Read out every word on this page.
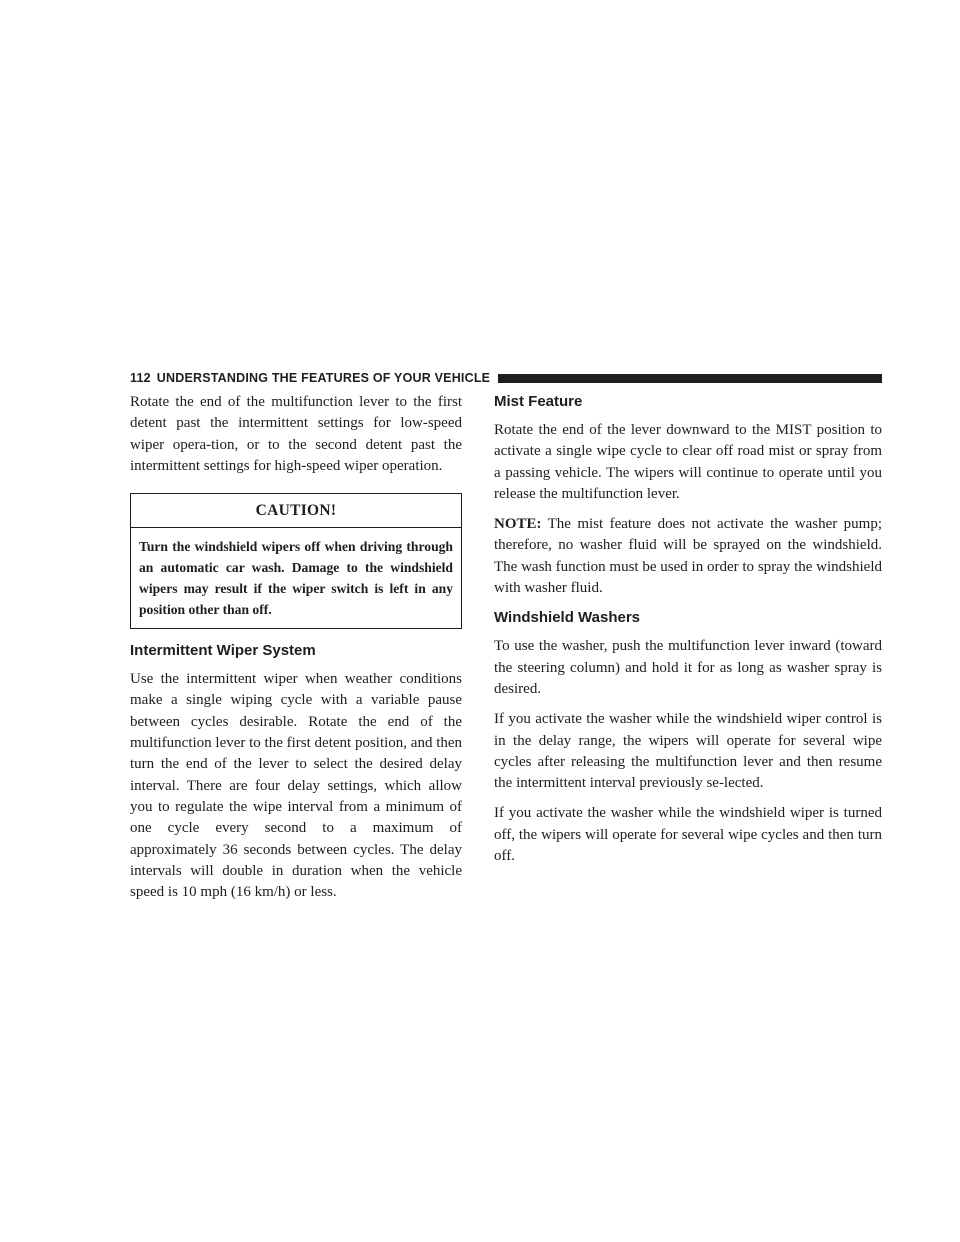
112 UNDERSTANDING THE FEATURES OF YOUR VEHICLE

Rotate the end of the multifunction lever to the first detent past the intermittent settings for low-speed wiper opera-tion, or to the second detent past the intermittent settings for high-speed wiper operation.

CAUTION!
Turn the windshield wipers off when driving through an automatic car wash. Damage to the windshield wipers may result if the wiper switch is left in any position other than off.
Intermittent Wiper System

Use the intermittent wiper when weather conditions make a single wiping cycle with a variable pause between cycles desirable. Rotate the end of the multifunction lever to the first detent position, and then turn the end of the lever to select the desired delay interval. There are four delay settings, which allow you to regulate the wipe interval from a minimum of one cycle every second to a maximum of approximately 36 seconds between cycles. The delay intervals will double in duration when the vehicle speed is 10 mph (16 km/h) or less.

Mist Feature

Rotate the end of the lever downward to the MIST position to activate a single wipe cycle to clear off road mist or spray from a passing vehicle. The wipers will continue to operate until you release the multifunction lever.

NOTE: The mist feature does not activate the washer pump; therefore, no washer fluid will be sprayed on the windshield. The wash function must be used in order to spray the windshield with washer fluid.

Windshield Washers

To use the washer, push the multifunction lever inward (toward the steering column) and hold it for as long as washer spray is desired.

If you activate the washer while the windshield wiper control is in the delay range, the wipers will operate for several wipe cycles after releasing the multifunction lever and then resume the intermittent interval previously se-lected.

If you activate the washer while the windshield wiper is turned off, the wipers will operate for several wipe cycles and then turn off.
